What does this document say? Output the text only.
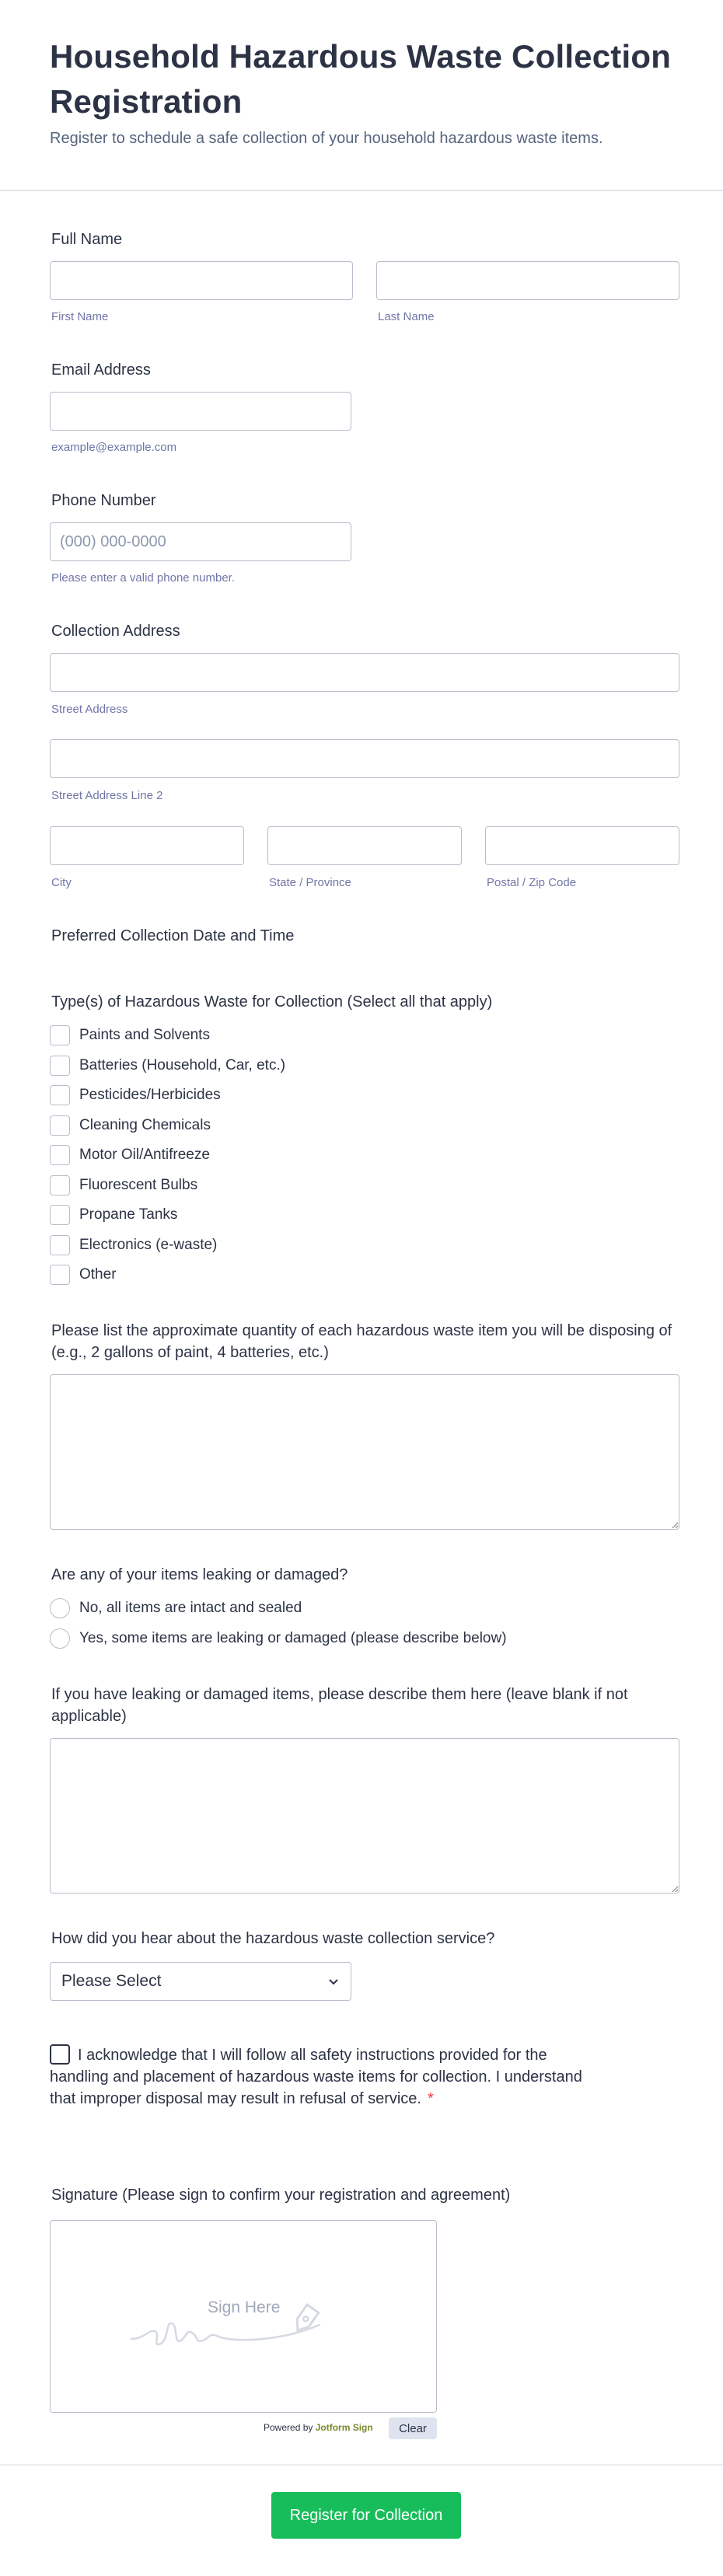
Household Hazardous Waste Collection Registration

Register to schedule a safe collection of your household hazardous waste items.

Full Name
First Name	Last Name
Email Address
example@example.com
Phone Number
(000) 000-0000
Please enter a valid phone number.
Collection Address
Street Address
Street Address Line 2
City	State / Province	Postal / Zip Code
Preferred Collection Date and Time
Type(s) of Hazardous Waste for Collection (Select all that apply)
Paints and Solvents
Batteries (Household, Car, etc.)
Pesticides/Herbicides
Cleaning Chemicals
Motor Oil/Antifreeze
Fluorescent Bulbs
Propane Tanks
Electronics (e-waste)
Other
Please list the approximate quantity of each hazardous waste item you will be disposing of (e.g., 2 gallons of paint, 4 batteries, etc.)
Are any of your items leaking or damaged?
No, all items are intact and sealed
Yes, some items are leaking or damaged (please describe below)
If you have leaking or damaged items, please describe them here (leave blank if not applicable)
How did you hear about the hazardous waste collection service?
Please Select
I acknowledge that I will follow all safety instructions provided for the handling and placement of hazardous waste items for collection. I understand that improper disposal may result in refusal of service. *
Signature (Please sign to confirm your registration and agreement)
Sign Here
Powered by Jotform Sign	Clear
Register for Collection
